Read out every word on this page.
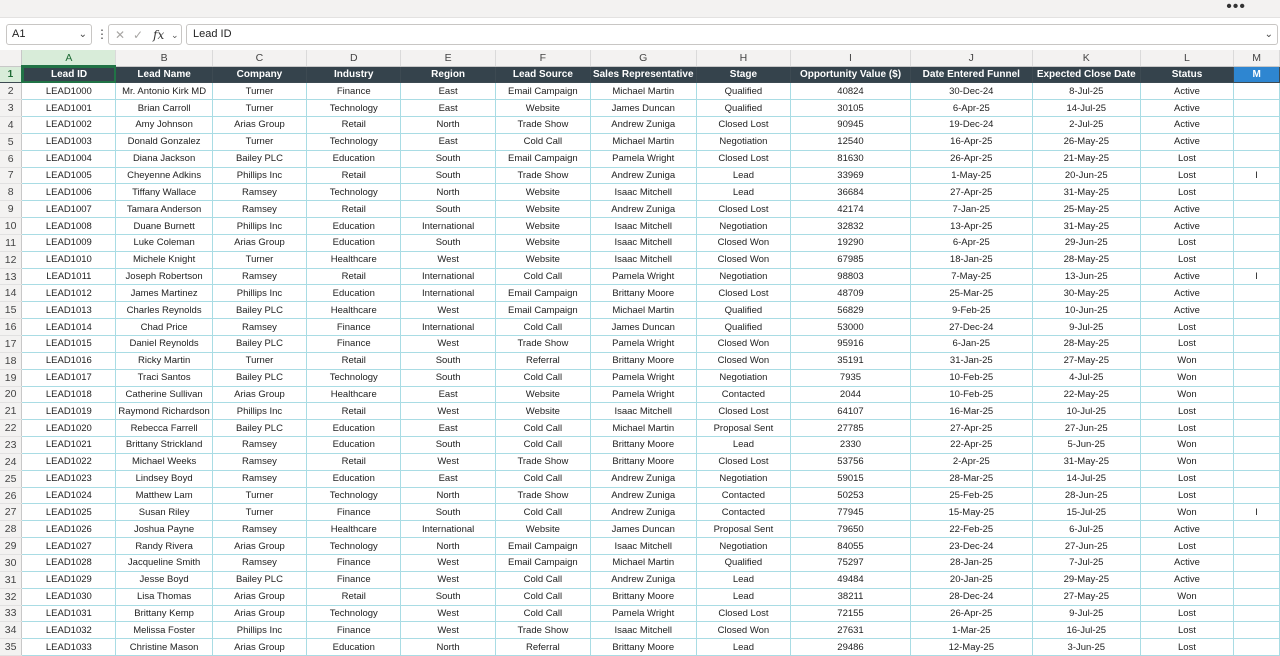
•••
A1	⌄ ⋮ ✕ ✓ fx ⌄	Lead ID	⌄
	A	B	C	D	E	F	G	H	I	J	K	L	M
1	Lead ID	Lead Name	Company	Industry	Region	Lead Source	Sales Representative	Stage	Opportunity Value ($)	Date Entered Funnel	Expected Close Date	Status	M
2	LEAD1000	Mr. Antonio Kirk MD	Turner	Finance	East	Email Campaign	Michael Martin	Qualified	40824	30-Dec-24	8-Jul-25	Active	
3	LEAD1001	Brian Carroll	Turner	Technology	East	Website	James Duncan	Qualified	30105	6-Apr-25	14-Jul-25	Active	
4	LEAD1002	Amy Johnson	Arias Group	Retail	North	Trade Show	Andrew Zuniga	Closed Lost	90945	19-Dec-24	2-Jul-25	Active	
5	LEAD1003	Donald Gonzalez	Turner	Technology	East	Cold Call	Michael Martin	Negotiation	12540	16-Apr-25	26-May-25	Active	
6	LEAD1004	Diana Jackson	Bailey PLC	Education	South	Email Campaign	Pamela Wright	Closed Lost	81630	26-Apr-25	21-May-25	Lost	
7	LEAD1005	Cheyenne Adkins	Phillips Inc	Retail	South	Trade Show	Andrew Zuniga	Lead	33969	1-May-25	20-Jun-25	Lost	I
8	LEAD1006	Tiffany Wallace	Ramsey	Technology	North	Website	Isaac Mitchell	Lead	36684	27-Apr-25	31-May-25	Lost	
9	LEAD1007	Tamara Anderson	Ramsey	Retail	South	Website	Andrew Zuniga	Closed Lost	42174	7-Jan-25	25-May-25	Active	
10	LEAD1008	Duane Burnett	Phillips Inc	Education	International	Website	Isaac Mitchell	Negotiation	32832	13-Apr-25	31-May-25	Active	
11	LEAD1009	Luke Coleman	Arias Group	Education	South	Website	Isaac Mitchell	Closed Won	19290	6-Apr-25	29-Jun-25	Lost	
12	LEAD1010	Michele Knight	Turner	Healthcare	West	Website	Isaac Mitchell	Closed Won	67985	18-Jan-25	28-May-25	Lost	
13	LEAD1011	Joseph Robertson	Ramsey	Retail	International	Cold Call	Pamela Wright	Negotiation	98803	7-May-25	13-Jun-25	Active	I
14	LEAD1012	James Martinez	Phillips Inc	Education	International	Email Campaign	Brittany Moore	Closed Lost	48709	25-Mar-25	30-May-25	Active	
15	LEAD1013	Charles Reynolds	Bailey PLC	Healthcare	West	Email Campaign	Michael Martin	Qualified	56829	9-Feb-25	10-Jun-25	Active	
16	LEAD1014	Chad Price	Ramsey	Finance	International	Cold Call	James Duncan	Qualified	53000	27-Dec-24	9-Jul-25	Lost	
17	LEAD1015	Daniel Reynolds	Bailey PLC	Finance	West	Trade Show	Pamela Wright	Closed Won	95916	6-Jan-25	28-May-25	Lost	
18	LEAD1016	Ricky Martin	Turner	Retail	South	Referral	Brittany Moore	Closed Won	35191	31-Jan-25	27-May-25	Won	
19	LEAD1017	Traci Santos	Bailey PLC	Technology	South	Cold Call	Pamela Wright	Negotiation	7935	10-Feb-25	4-Jul-25	Won	
20	LEAD1018	Catherine Sullivan	Arias Group	Healthcare	East	Website	Pamela Wright	Contacted	2044	10-Feb-25	22-May-25	Won	
21	LEAD1019	Raymond Richardson	Phillips Inc	Retail	West	Website	Isaac Mitchell	Closed Lost	64107	16-Mar-25	10-Jul-25	Lost	
22	LEAD1020	Rebecca Farrell	Bailey PLC	Education	East	Cold Call	Michael Martin	Proposal Sent	27785	27-Apr-25	27-Jun-25	Lost	
23	LEAD1021	Brittany Strickland	Ramsey	Education	South	Cold Call	Brittany Moore	Lead	2330	22-Apr-25	5-Jun-25	Won	
24	LEAD1022	Michael Weeks	Ramsey	Retail	West	Trade Show	Brittany Moore	Closed Lost	53756	2-Apr-25	31-May-25	Won	
25	LEAD1023	Lindsey Boyd	Ramsey	Education	East	Cold Call	Andrew Zuniga	Negotiation	59015	28-Mar-25	14-Jul-25	Lost	
26	LEAD1024	Matthew Lam	Turner	Technology	North	Trade Show	Andrew Zuniga	Contacted	50253	25-Feb-25	28-Jun-25	Lost	
27	LEAD1025	Susan Riley	Turner	Finance	South	Cold Call	Andrew Zuniga	Contacted	77945	15-May-25	15-Jul-25	Won	I
28	LEAD1026	Joshua Payne	Ramsey	Healthcare	International	Website	James Duncan	Proposal Sent	79650	22-Feb-25	6-Jul-25	Active	
29	LEAD1027	Randy Rivera	Arias Group	Technology	North	Email Campaign	Isaac Mitchell	Negotiation	84055	23-Dec-24	27-Jun-25	Lost	
30	LEAD1028	Jacqueline Smith	Ramsey	Finance	West	Email Campaign	Michael Martin	Qualified	75297	28-Jan-25	7-Jul-25	Active	
31	LEAD1029	Jesse Boyd	Bailey PLC	Finance	West	Cold Call	Andrew Zuniga	Lead	49484	20-Jan-25	29-May-25	Active	
32	LEAD1030	Lisa Thomas	Arias Group	Retail	South	Cold Call	Brittany Moore	Lead	38211	28-Dec-24	27-May-25	Won	
33	LEAD1031	Brittany Kemp	Arias Group	Technology	West	Cold Call	Pamela Wright	Closed Lost	72155	26-Apr-25	9-Jul-25	Lost	
34	LEAD1032	Melissa Foster	Phillips Inc	Finance	West	Trade Show	Isaac Mitchell	Closed Won	27631	1-Mar-25	16-Jul-25	Lost	
35	LEAD1033	Christine Mason	Arias Group	Education	North	Referral	Brittany Moore	Lead	29486	12-May-25	3-Jun-25	Lost	
